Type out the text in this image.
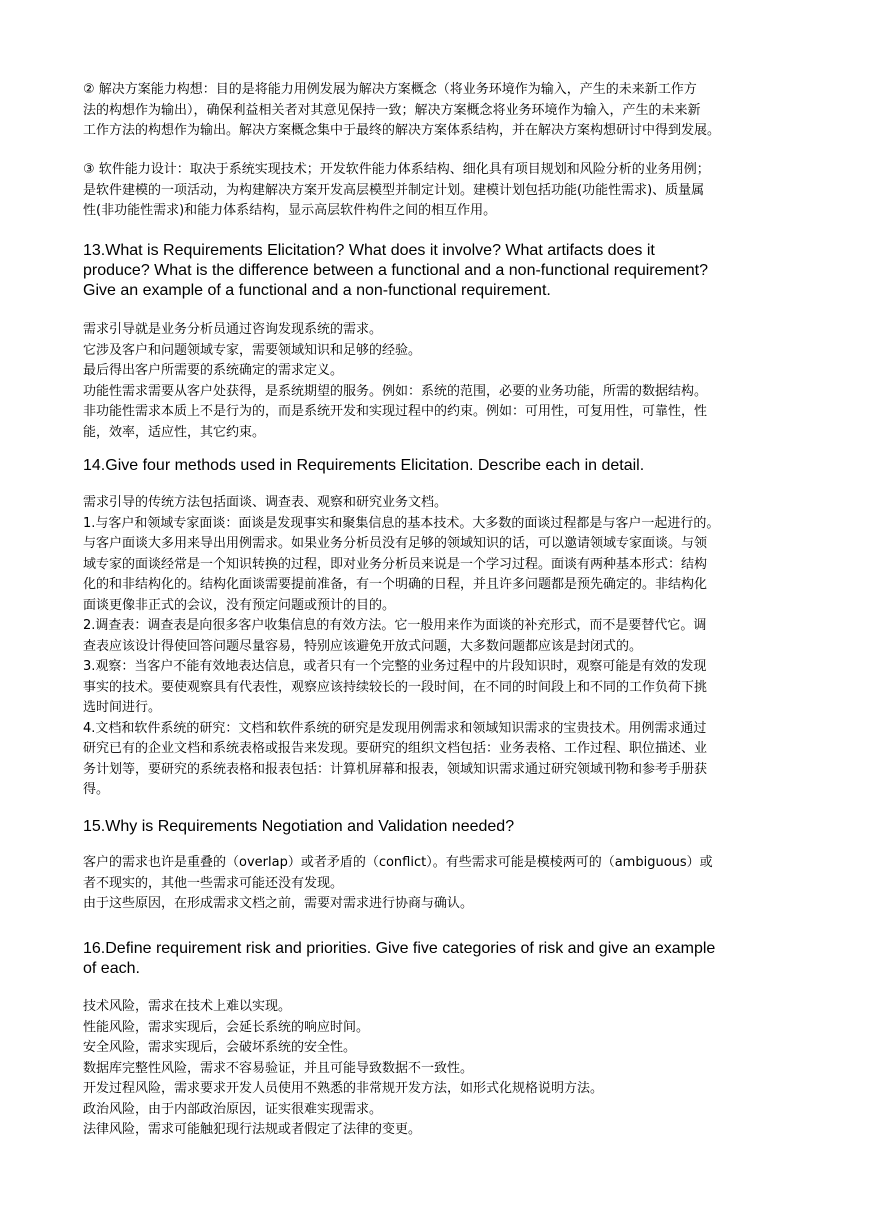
② 解决方案能力构想：目的是将能力用例发展为解决方案概念（将业务环境作为输入，产生的未来新工作方
法的构想作为输出），确保利益相关者对其意见保持一致；解决方案概念将业务环境作为输入，产生的未来新
工作方法的构想作为输出。解决方案概念集中于最终的解决方案体系结构，并在解决方案构想研讨中得到发展。
③ 软件能力设计：取决于系统实现技术；开发软件能力体系结构、细化具有项目规划和风险分析的业务用例；
是软件建模的一项活动，为构建解决方案开发高层模型并制定计划。建模计划包括功能(功能性需求)、质量属
性(非功能性需求)和能力体系结构，显示高层软件构件之间的相互作用。
13.What is Requirements Elicitation? What does it involve? What artifacts does it
produce? What is the difference between a functional and a non-functional requirement?
Give an example of a functional and a non-functional requirement.
需求引导就是业务分析员通过咨询发现系统的需求。
它涉及客户和问题领域专家，需要领域知识和足够的经验。
最后得出客户所需要的系统确定的需求定义。
功能性需求需要从客户处获得，是系统期望的服务。例如：系统的范围，必要的业务功能，所需的数据结构。
非功能性需求本质上不是行为的，而是系统开发和实现过程中的约束。例如：可用性，可复用性，可靠性，性
能，效率，适应性，其它约束。
14.Give four methods used in Requirements Elicitation. Describe each in detail.
需求引导的传统方法包括面谈、调查表、观察和研究业务文档。
1.与客户和领域专家面谈：面谈是发现事实和聚集信息的基本技术。大多数的面谈过程都是与客户一起进行的。
与客户面谈大多用来导出用例需求。如果业务分析员没有足够的领域知识的话，可以邀请领域专家面谈。与领
域专家的面谈经常是一个知识转换的过程，即对业务分析员来说是一个学习过程。面谈有两种基本形式：结构
化的和非结构化的。结构化面谈需要提前准备，有一个明确的日程，并且许多问题都是预先确定的。非结构化
面谈更像非正式的会议，没有预定问题或预计的目的。
2.调查表：调查表是向很多客户收集信息的有效方法。它一般用来作为面谈的补充形式，而不是要替代它。调
查表应该设计得使回答问题尽量容易，特别应该避免开放式问题，大多数问题都应该是封闭式的。
3.观察：当客户不能有效地表达信息，或者只有一个完整的业务过程中的片段知识时，观察可能是有效的发现
事实的技术。要使观察具有代表性，观察应该持续较长的一段时间，在不同的时间段上和不同的工作负荷下挑
选时间进行。
4.文档和软件系统的研究：文档和软件系统的研究是发现用例需求和领域知识需求的宝贵技术。用例需求通过
研究已有的企业文档和系统表格或报告来发现。要研究的组织文档包括：业务表格、工作过程、职位描述、业
务计划等，要研究的系统表格和报表包括：计算机屏幕和报表，领域知识需求通过研究领域刊物和参考手册获
得。
15.Why is Requirements Negotiation and Validation needed?
客户的需求也许是重叠的（overlap）或者矛盾的（conflict）。有些需求可能是模棱两可的（ambiguous）或
者不现实的，其他一些需求可能还没有发现。
由于这些原因，在形成需求文档之前，需要对需求进行协商与确认。
16.Define requirement risk and priorities. Give five categories of risk and give an example
of each.
技术风险，需求在技术上难以实现。
性能风险，需求实现后，会延长系统的响应时间。
安全风险，需求实现后，会破坏系统的安全性。
数据库完整性风险，需求不容易验证，并且可能导致数据不一致性。
开发过程风险，需求要求开发人员使用不熟悉的非常规开发方法，如形式化规格说明方法。
政治风险，由于内部政治原因，证实很难实现需求。
法律风险，需求可能触犯现行法规或者假定了法律的变更。
